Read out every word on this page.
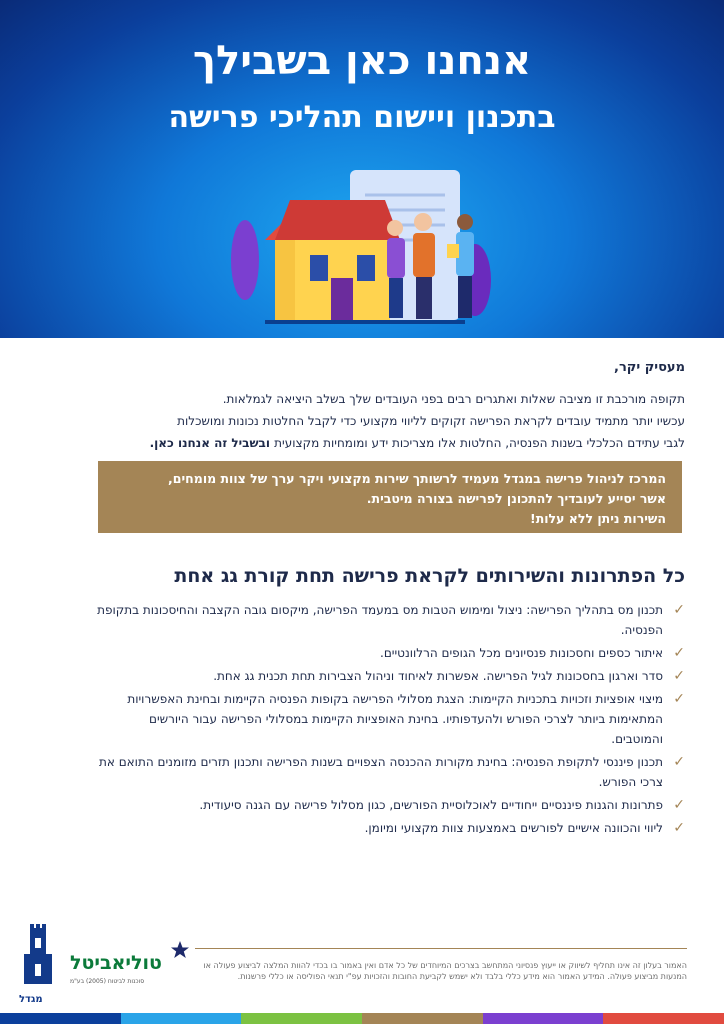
אנחנו כאן בשבילך
בתכנון ויישום תהליכי פרישה
מעסיק יקר,

תקופה מורכבת זו מציבה שאלות ואתגרים רבים בפני העובדים שלך בשלב היציאה לגמלאות.

עכשיו יותר מתמיד עובדים לקראת הפרישה זקוקים לליווי מקצועי כדי לקבל החלטות נכונות ומושכלות

לגבי עתידם הכלכלי בשנות הפנסיה, החלטות אלו מצריכות ידע ומומחיות מקצועית ובשביל זה אנחנו כאן.

המרכז לניהול פרישה במגדל מעמיד לרשותך שירות מקצועי ויקר ערך של צוות מומחים,

אשר יסייע לעובדיך להתכונן לפרישה בצורה מיטבית.

השירות ניתן ללא עלות!

כל הפתרונות והשירותים לקראת פרישה תחת קורת גג אחת
✓
תכנון מס בתהליך הפרישה: ניצול ומימוש הטבות מס במעמד הפרישה, מיקסום גובה הקצבה והחיסכונות בתקופת הפנסיה.
✓
איתור כספים וחסכונות פנסיונים מכל הגופים הרלוונטיים.
✓
סדר וארגון בחסכונות לגיל הפרישה. אפשרות לאיחוד וניהול הצבירות תחת תכנית גג אחת.
✓
מיצוי אופציות וזכויות בתכניות הקיימות: הצגת מסלולי הפרישה בקופות הפנסיה הקיימות ובחינת האפשרויות המתאימות ביותר לצרכי הפורש ולהעדפותיו. בחינת האופציות הקיימות במסלולי הפרישה עבור היורשים והמוטבים.
✓
תכנון פיננסי לתקופת הפנסיה: בחינת מקורות ההכנסה הצפויים בשנות הפרישה ותכנון תזרים מזומנים התואם את צרכי הפורש.
✓
פתרונות והגנות פיננסיים ייחודיים לאוכלוסיית הפורשים, כגון מסלול פרישה עם הגנה סיעודית.
✓
ליווי והכוונה אישיים לפורשים באמצעות צוות מקצועי ומיומן.
האמור בעלון זה אינו תחליף לשיווק או ייעוץ פנסיוני המתחשב בצרכים המיוחדים של כל אדם ואין באמור בו בכדי להוות המלצה לביצוע פעולה או המנעות מביצוע פעולה. המידע האמור הוא מידע כללי בלבד ולא ישמש לקביעת החובות והזכויות עפ"י תנאי הפוליסה או כללי פרשנות.
מגדל
טוליאביטל
סוכנות לביטוח (2005) בע"מ
